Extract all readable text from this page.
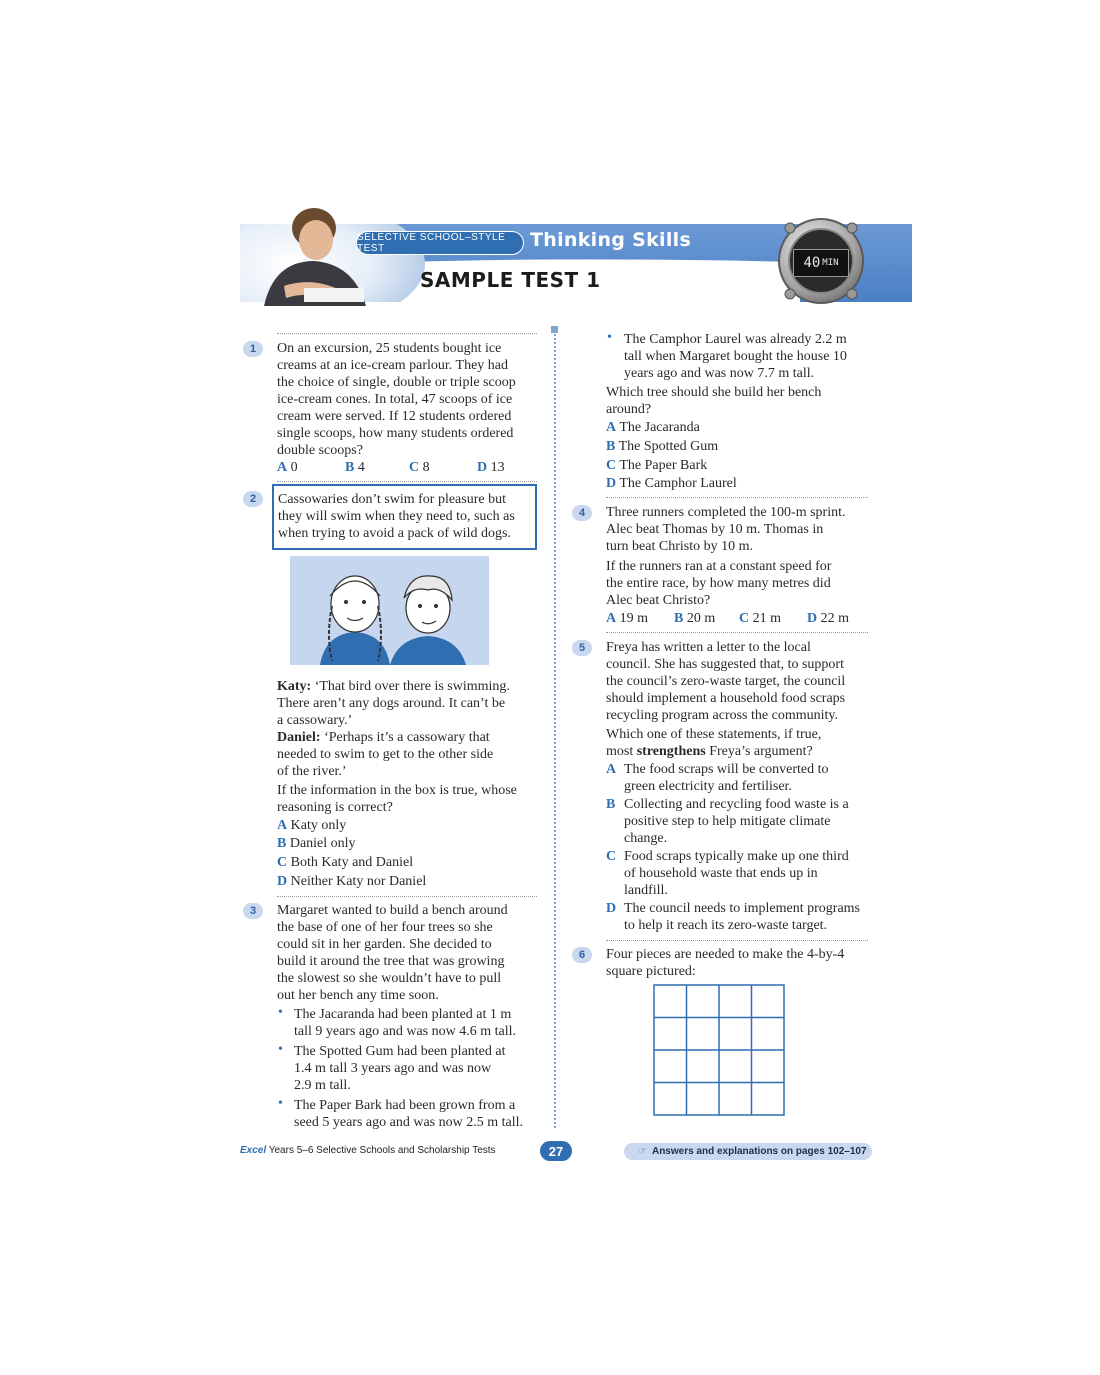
SELECTIVE SCHOOL–STYLE TEST	Thinking Skills
SAMPLE TEST 1
40 MIN
1	On an excursion, 25 students bought ice
creams at an ice-cream parlour. They had
the choice of single, double or triple scoop
ice-cream cones. In total, 47 scoops of ice
cream were served. If 12 students ordered
single scoops, how many students ordered
double scoops?
A 0	B 4	C 8	D 13
2	Cassowaries don’t swim for pleasure but
they will swim when they need to, such as
when trying to avoid a pack of wild dogs.
Katy: ‘That bird over there is swimming.
There aren’t any dogs around. It can’t be
a cassowary.’
Daniel: ‘Perhaps it’s a cassowary that
needed to swim to get to the other side
of the river.’
If the information in the box is true, whose
reasoning is correct?
A Katy only
B Daniel only
C Both Katy and Daniel
D Neither Katy nor Daniel
3	Margaret wanted to build a bench around
the base of one of her four trees so she
could sit in her garden. She decided to
build it around the tree that was growing
the slowest so she wouldn’t have to pull
out her bench any time soon.
• The Jacaranda had been planted at 1 m
tall 9 years ago and was now 4.6 m tall.
• The Spotted Gum had been planted at
1.4 m tall 3 years ago and was now
2.9 m tall.
• The Paper Bark had been grown from a
seed 5 years ago and was now 2.5 m tall.
• The Camphor Laurel was already 2.2 m
tall when Margaret bought the house 10
years ago and was now 7.7 m tall.
Which tree should she build her bench
around?
A The Jacaranda
B The Spotted Gum
C The Paper Bark
D The Camphor Laurel
4	Three runners completed the 100-m sprint.
Alec beat Thomas by 10 m. Thomas in
turn beat Christo by 10 m.
If the runners ran at a constant speed for
the entire race, by how many metres did
Alec beat Christo?
A 19 m B 20 m C 21 m D 22 m
5	Freya has written a letter to the local
council. She has suggested that, to support
the council’s zero-waste target, the council
should implement a household food scraps
recycling program across the community.
Which one of these statements, if true,
most strengthens Freya’s argument?
A The food scraps will be converted to
green electricity and fertiliser.
B Collecting and recycling food waste is a
positive step to help mitigate climate
change.
C Food scraps typically make up one third
of household waste that ends up in
landfill.
D The council needs to implement programs
to help it reach its zero-waste target.
6	Four pieces are needed to make the 4-by-4
square pictured:
Excel Years 5–6 Selective Schools and Scholarship Tests	27	☞ Answers and explanations on pages 102–107
